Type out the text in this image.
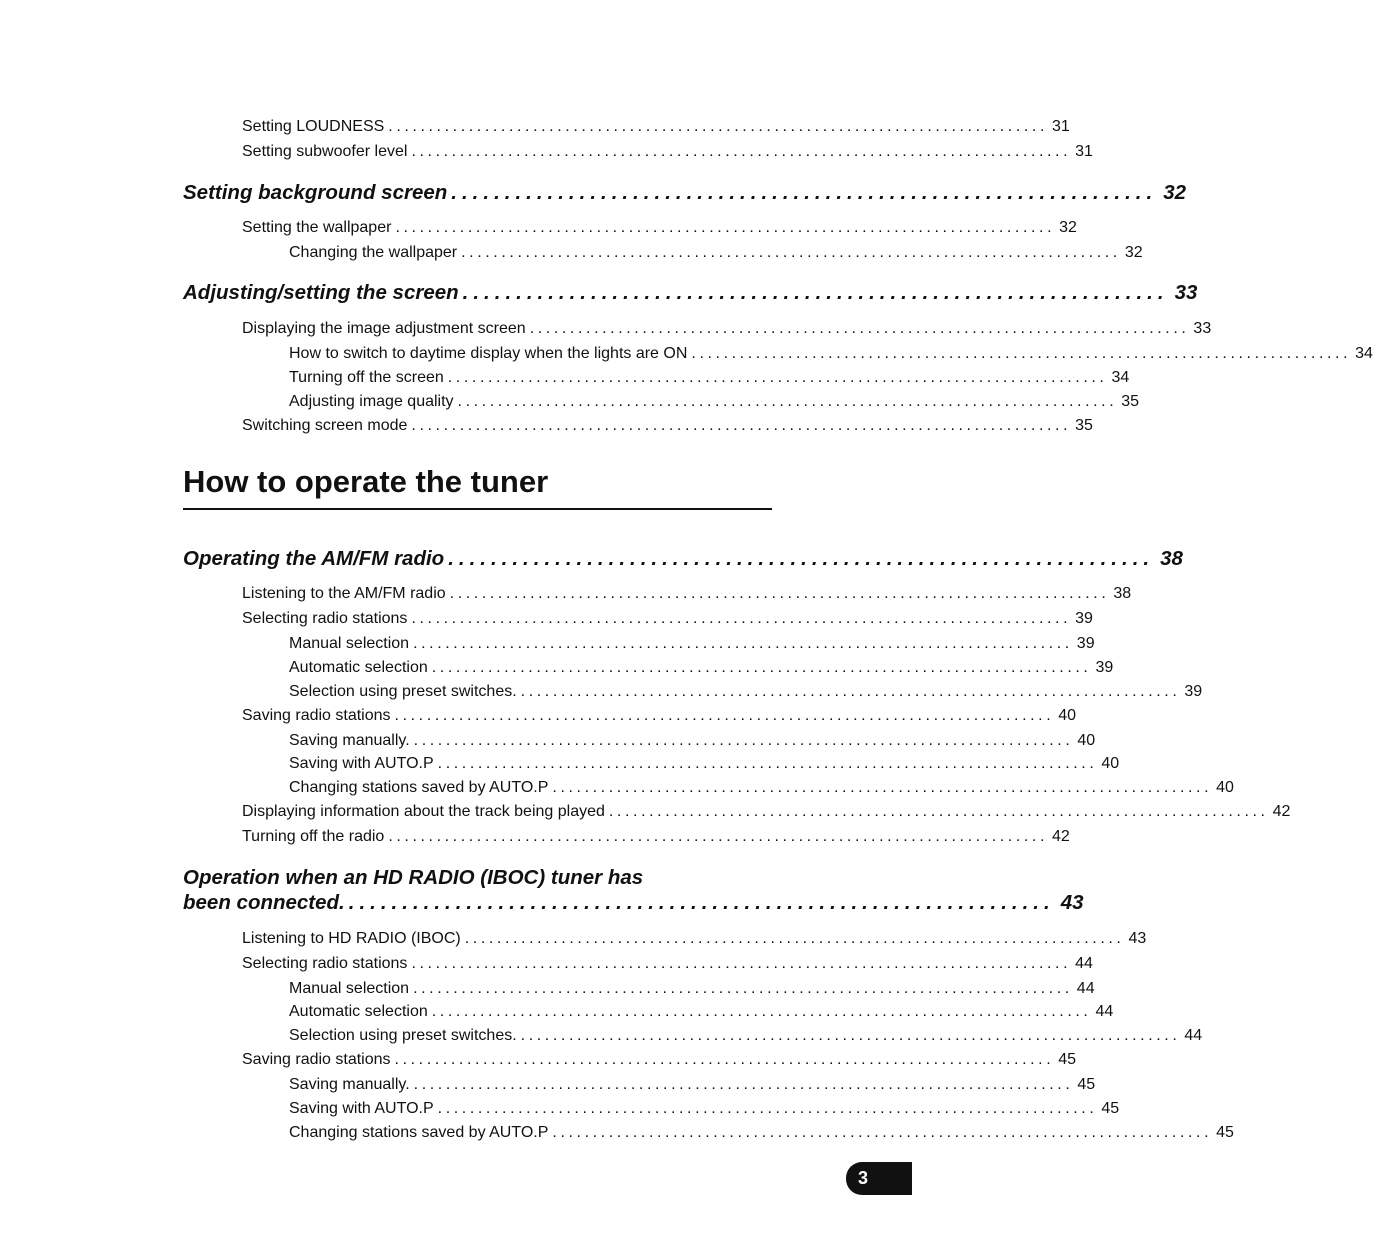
Setting LOUDNESS .................................................................................. 31
Setting subwoofer level .................................................................................. 31
Setting background screen .................................................................. 32
Setting the wallpaper .................................................................................. 32
Changing the wallpaper .................................................................................. 32
Adjusting/setting the screen .................................................................. 33
Displaying the image adjustment screen .................................................................................. 33
How to switch to daytime display when the lights are ON .................................................................................. 34
Turning off the screen .................................................................................. 34
Adjusting image quality .................................................................................. 35
Switching screen mode .................................................................................. 35
Operating the AM/FM radio .................................................................. 38
Listening to the AM/FM radio .................................................................................. 38
Selecting radio stations .................................................................................. 39
Manual selection .................................................................................. 39
Automatic selection .................................................................................. 39
Selection using preset switches. .................................................................................. 39
Saving radio stations .................................................................................. 40
Saving manually. .................................................................................. 40
Saving with AUTO.P .................................................................................. 40
Changing stations saved by AUTO.P .................................................................................. 40
Displaying information about the track being played .................................................................................. 42
Turning off the radio .................................................................................. 42
Operation when an HD RADIO (IBOC) tuner has
been connected. .................................................................. 43
Listening to HD RADIO (IBOC) .................................................................................. 43
Selecting radio stations .................................................................................. 44
Manual selection .................................................................................. 44
Automatic selection .................................................................................. 44
Selection using preset switches. .................................................................................. 44
Saving radio stations .................................................................................. 45
Saving manually. .................................................................................. 45
Saving with AUTO.P .................................................................................. 45
Changing stations saved by AUTO.P .................................................................................. 45
How to operate the tuner
3
